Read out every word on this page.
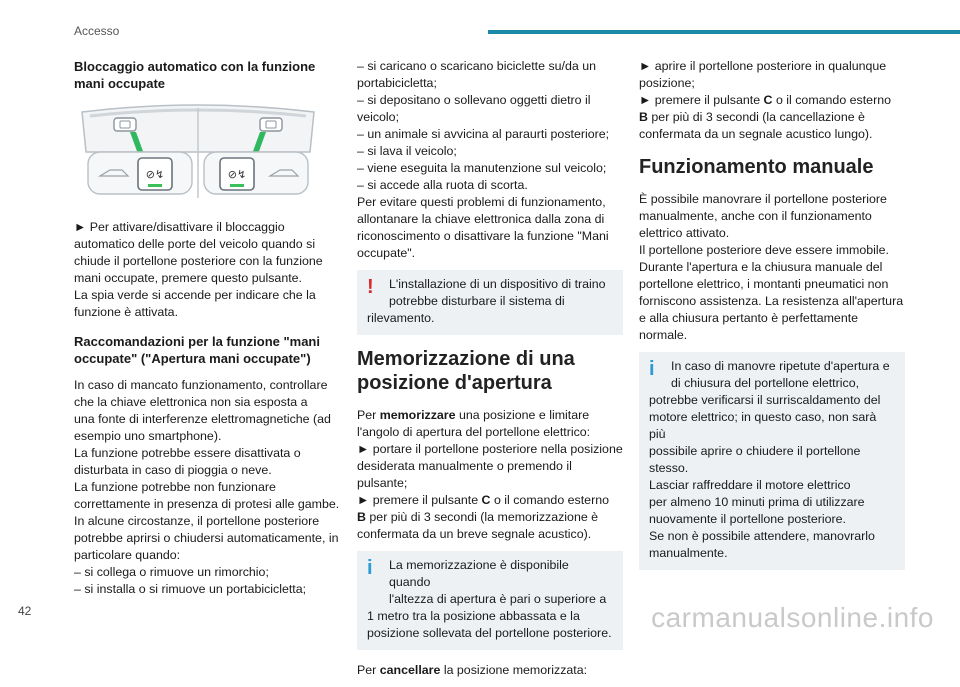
Accesso
Bloccaggio automatico con la funzione mani occupate
⊘↯	⊘↯

► Per attivare/disattivare il bloccaggio
automatico delle porte del veicolo quando si
chiude il portellone posteriore con la funzione
mani occupate, premere questo pulsante.
La spia verde si accende per indicare che la
funzione è attivata.

Raccomandazioni per la funzione "mani occupate" ("Apertura mani occupate")

In caso di mancato funzionamento, controllare
che la chiave elettronica non sia esposta a
una fonte di interferenze elettromagnetiche (ad
esempio uno smartphone).
La funzione potrebbe essere disattivata o
disturbata in caso di pioggia o neve.
La funzione potrebbe non funzionare
correttamente in presenza di protesi alle gambe.
In alcune circostanze, il portellone posteriore
potrebbe aprirsi o chiudersi automaticamente, in
particolare quando:
– si collega o rimuove un rimorchio;
– si installa o si rimuove un portabicicletta;

– si caricano o scaricano biciclette su/da un
portabicicletta;
– si depositano o sollevano oggetti dietro il
veicolo;
– un animale si avvicina al paraurti posteriore;
– si lava il veicolo;
– viene eseguita la manutenzione sul veicolo;
– si accede alla ruota di scorta.
Per evitare questi problemi di funzionamento,
allontanare la chiave elettronica dalla zona di
riconoscimento o disattivare la funzione "Mani
occupate".

!	L'installazione di un dispositivo di traino
potrebbe disturbare il sistema di
rilevamento.
Memorizzazione di una posizione d'apertura

Per memorizzare una posizione e limitare
l'angolo di apertura del portellone elettrico:
► portare il portellone posteriore nella posizione
desiderata manualmente o premendo il pulsante;
► premere il pulsante C o il comando esterno
B per più di 3 secondi (la memorizzazione è
confermata da un breve segnale acustico).

i	La memorizzazione è disponibile quando
l'altezza di apertura è pari o superiore a
1 metro tra la posizione abbassata e la
posizione sollevata del portellone posteriore.

Per cancellare la posizione memorizzata:

► aprire il portellone posteriore in qualunque
posizione;
► premere il pulsante C o il comando esterno
B per più di 3 secondi (la cancellazione è
confermata da un segnale acustico lungo).

Funzionamento manuale

È possibile manovrare il portellone posteriore
manualmente, anche con il funzionamento
elettrico attivato.
Il portellone posteriore deve essere immobile.
Durante l'apertura e la chiusura manuale del
portellone elettrico, i montanti pneumatici non
forniscono assistenza. La resistenza all'apertura
e alla chiusura pertanto è perfettamente
normale.

i	In caso di manovre ripetute d'apertura e
di chiusura del portellone elettrico,
potrebbe verificarsi il surriscaldamento del
motore elettrico; in questo caso, non sarà più
possibile aprire o chiudere il portellone
stesso.
Lasciar raffreddare il motore elettrico
per almeno 10 minuti prima di utilizzare
nuovamente il portellone posteriore.
Se non è possibile attendere, manovrarlo
manualmente.
42	carmanualsonline.info
